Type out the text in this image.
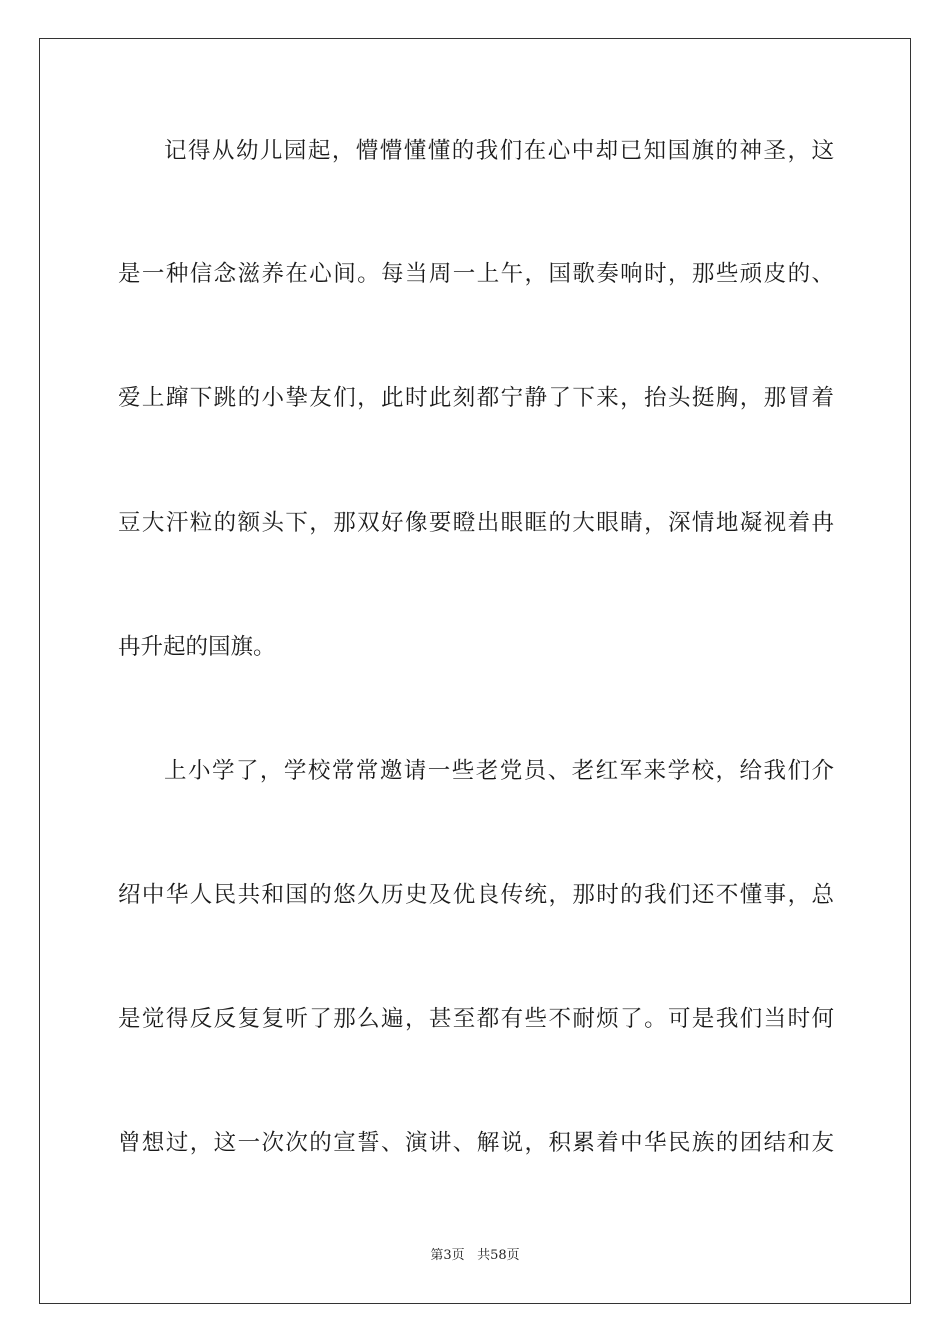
记得从幼儿园起，懵懵懂懂的我们在心中却已知国旗的神圣，这

是一种信念滋养在心间。每当周一上午，国歌奏响时，那些顽皮的、

爱上蹿下跳的小挚友们，此时此刻都宁静了下来，抬头挺胸，那冒着

豆大汗粒的额头下，那双好像要瞪出眼眶的大眼睛，深情地凝视着冉

冉升起的国旗。

上小学了，学校常常邀请一些老党员、老红军来学校，给我们介

绍中华人民共和国的悠久历史及优良传统，那时的我们还不懂事，总

是觉得反反复复听了那么遍，甚至都有些不耐烦了。可是我们当时何

曾想过，这一次次的宣誓、演讲、解说，积累着中华民族的团结和友

第3页 共58页
